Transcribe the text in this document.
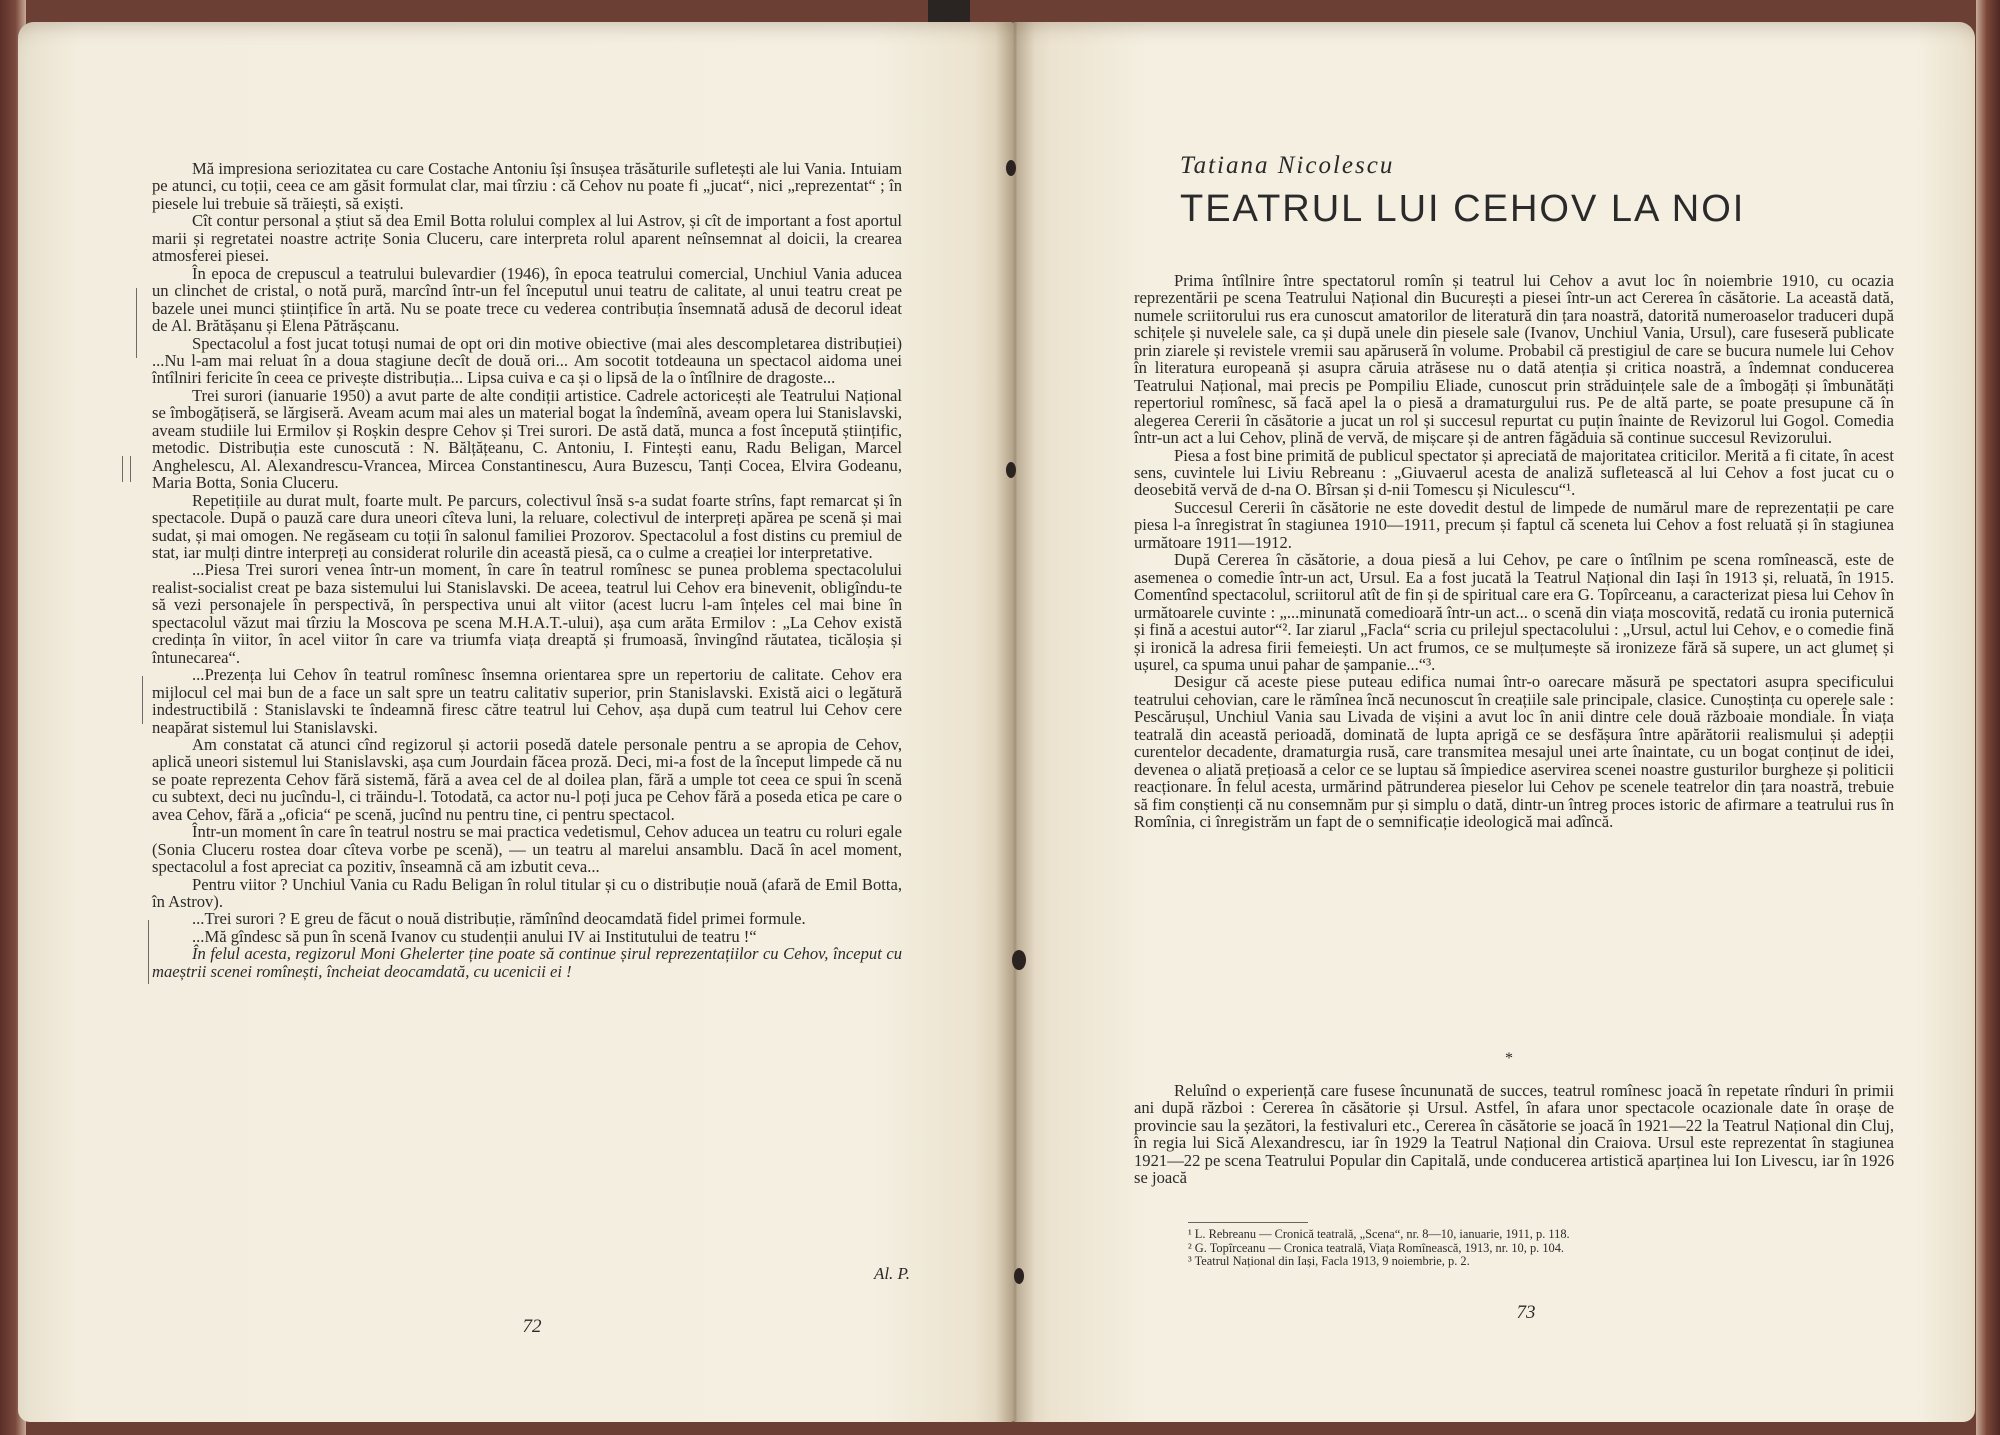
Mă impresiona seriozitatea cu care Costache Antoniu își însușea trăsăturile sufletești ale lui Vania. Intuiam pe atunci, cu toții, ceea ce am găsit formulat clar, mai tîrziu : că Cehov nu poate fi „jucat“, nici „reprezentat“ ; în piesele lui trebuie să trăiești, să exiști.

Cît contur personal a știut să dea Emil Botta rolului complex al lui Astrov, și cît de important a fost aportul marii și regretatei noastre actrițe Sonia Cluceru, care interpreta rolul aparent neînsemnat al doicii, la crearea atmosferei piesei.

În epoca de crepuscul a teatrului bulevardier (1946), în epoca teatrului comercial, Unchiul Vania aducea un clinchet de cristal, o notă pură, marcînd într-un fel începutul unui teatru de calitate, al unui teatru creat pe bazele unei munci științifice în artă. Nu se poate trece cu vederea contribuția însemnată adusă de decorul ideat de Al. Brătășanu și Elena Pătrășcanu.

Spectacolul a fost jucat totuși numai de opt ori din motive obiective (mai ales descompletarea distribuției) ...Nu l-am mai reluat în a doua stagiune decît de două ori... Am socotit totdeauna un spectacol aidoma unei întîlniri fericite în ceea ce privește distribuția... Lipsa cuiva e ca și o lipsă de la o întîlnire de dragoste...

Trei surori (ianuarie 1950) a avut parte de alte condiții artistice. Cadrele actoricești ale Teatrului Național se îmbogățiseră, se lărgiseră. Aveam acum mai ales un material bogat la îndemînă, aveam opera lui Stanislavski, aveam studiile lui Ermilov și Roșkin despre Cehov și Trei surori. De astă dată, munca a fost începută științific, metodic. Distribuția este cunoscută : N. Bălțățeanu, C. Antoniu, I. Fintești eanu, Radu Beligan, Marcel Anghelescu, Al. Alexandrescu-Vrancea, Mircea Constantinescu, Aura Buzescu, Tanți Cocea, Elvira Godeanu, Maria Botta, Sonia Cluceru.

Repetițiile au durat mult, foarte mult. Pe parcurs, colectivul însă s-a sudat foarte strîns, fapt remarcat și în spectacole. După o pauză care dura uneori cîteva luni, la reluare, colectivul de interpreți apărea pe scenă și mai sudat, și mai omogen. Ne regăseam cu toții în salonul familiei Prozorov. Spectacolul a fost distins cu premiul de stat, iar mulți dintre interpreți au considerat rolurile din această piesă, ca o culme a creației lor interpretative.

...Piesa Trei surori venea într-un moment, în care în teatrul romînesc se punea problema spectacolului realist-socialist creat pe baza sistemului lui Stanislavski. De aceea, teatrul lui Cehov era binevenit, obligîndu-te să vezi personajele în perspectivă, în perspectiva unui alt viitor (acest lucru l-am înțeles cel mai bine în spectacolul văzut mai tîrziu la Moscova pe scena M.H.A.T.-ului), așa cum arăta Ermilov : „La Cehov există credința în viitor, în acel viitor în care va triumfa viața dreaptă și frumoasă, învingînd răutatea, ticăloșia și întunecarea“.

...Prezența lui Cehov în teatrul romînesc însemna orientarea spre un repertoriu de calitate. Cehov era mijlocul cel mai bun de a face un salt spre un teatru calitativ superior, prin Stanislavski. Există aici o legătură indestructibilă : Stanislavski te îndeamnă firesc către teatrul lui Cehov, așa după cum teatrul lui Cehov cere neapărat sistemul lui Stanislavski.

Am constatat că atunci cînd regizorul și actorii posedă datele personale pentru a se apropia de Cehov, aplică uneori sistemul lui Stanislavski, așa cum Jourdain făcea proză. Deci, mi-a fost de la început limpede că nu se poate reprezenta Cehov fără sistemă, fără a avea cel de al doilea plan, fără a umple tot ceea ce spui în scenă cu subtext, deci nu jucîndu-l, ci trăindu-l. Totodată, ca actor nu-l poți juca pe Cehov fără a poseda etica pe care o avea Cehov, fără a „oficia“ pe scenă, jucînd nu pentru tine, ci pentru spectacol.

Într-un moment în care în teatrul nostru se mai practica vedetismul, Cehov aducea un teatru cu roluri egale (Sonia Cluceru rostea doar cîteva vorbe pe scenă), — un teatru al marelui ansamblu. Dacă în acel moment, spectacolul a fost apreciat ca pozitiv, înseamnă că am izbutit ceva...

Pentru viitor ? Unchiul Vania cu Radu Beligan în rolul titular și cu o distribuție nouă (afară de Emil Botta, în Astrov).

...Trei surori ? E greu de făcut o nouă distribuție, rămînînd deocamdată fidel primei formule.

...Mă gîndesc să pun în scenă Ivanov cu studenții anului IV ai Institutului de teatru !“

În felul acesta, regizorul Moni Ghelerter ține poate să continue șirul reprezentațiilor cu Cehov, început cu maeștrii scenei romînești, încheiat deocamdată, cu ucenicii ei !

Al. P.
72
Tatiana Nicolescu
TEATRUL LUI CEHOV LA NOI

Prima întîlnire între spectatorul romîn și teatrul lui Cehov a avut loc în noiembrie 1910, cu ocazia reprezentării pe scena Teatrului Național din București a piesei într-un act Cererea în căsătorie. La această dată, numele scriitorului rus era cunoscut amatorilor de literatură din țara noastră, datorită numeroaselor traduceri după schițele și nuvelele sale, ca și după unele din piesele sale (Ivanov, Unchiul Vania, Ursul), care fuseseră publicate prin ziarele și revistele vremii sau apăruseră în volume. Probabil că prestigiul de care se bucura numele lui Cehov în literatura europeană și asupra căruia atrăsese nu o dată atenția și critica noastră, a îndemnat conducerea Teatrului Național, mai precis pe Pompiliu Eliade, cunoscut prin străduințele sale de a îmbogăți și îmbunătăți repertoriul romînesc, să facă apel la o piesă a dramaturgului rus. Pe de altă parte, se poate presupune că în alegerea Cererii în căsătorie a jucat un rol și succesul repurtat cu puțin înainte de Revizorul lui Gogol. Comedia într-un act a lui Cehov, plină de vervă, de mișcare și de antren făgăduia să continue succesul Revizorului.

Piesa a fost bine primită de publicul spectator și apreciată de majoritatea criticilor. Merită a fi citate, în acest sens, cuvintele lui Liviu Rebreanu : „Giuvaerul acesta de analiză sufletească al lui Cehov a fost jucat cu o deosebită vervă de d-na O. Bîrsan și d-nii Tomescu și Niculescu“¹.

Succesul Cererii în căsătorie ne este dovedit destul de limpede de numărul mare de reprezentații pe care piesa l-a înregistrat în stagiunea 1910—1911, precum și faptul că sceneta lui Cehov a fost reluată și în stagiunea următoare 1911—1912.

După Cererea în căsătorie, a doua piesă a lui Cehov, pe care o întîlnim pe scena romînească, este de asemenea o comedie într-un act, Ursul. Ea a fost jucată la Teatrul Național din Iași în 1913 și, reluată, în 1915. Comentînd spectacolul, scriitorul atît de fin și de spiritual care era G. Topîrceanu, a caracterizat piesa lui Cehov în următoarele cuvinte : „...minunată comedioară într-un act... o scenă din viața moscovită, redată cu ironia puternică și fină a acestui autor“². Iar ziarul „Facla“ scria cu prilejul spectacolului : „Ursul, actul lui Cehov, e o comedie fină și ironică la adresa firii femeiești. Un act frumos, ce se mulțumește să ironizeze fără să supere, un act glumeț și ușurel, ca spuma unui pahar de șampanie...“³.

Desigur că aceste piese puteau edifica numai într-o oarecare măsură pe spectatori asupra specificului teatrului cehovian, care le rămînea încă necunoscut în creațiile sale principale, clasice. Cunoștința cu operele sale : Pescărușul, Unchiul Vania sau Livada de vișini a avut loc în anii dintre cele două războaie mondiale. În viața teatrală din această perioadă, dominată de lupta aprigă ce se desfășura între apărătorii realismului și adepții curentelor decadente, dramaturgia rusă, care transmitea mesajul unei arte înaintate, cu un bogat conținut de idei, devenea o aliată prețioasă a celor ce se luptau să împiedice aservirea scenei noastre gusturilor burgheze și politicii reacționare. În felul acesta, urmărind pătrunderea pieselor lui Cehov pe scenele teatrelor din țara noastră, trebuie să fim conștienți că nu consemnăm pur și simplu o dată, dintr-un întreg proces istoric de afirmare a teatrului rus în Romînia, ci înregistrăm un fapt de o semnificație ideologică mai adîncă.

*

Reluînd o experiență care fusese încununată de succes, teatrul romînesc joacă în repetate rînduri în primii ani după război : Cererea în căsătorie și Ursul. Astfel, în afara unor spectacole ocazionale date în orașe de provincie sau la șezători, la festivaluri etc., Cererea în căsătorie se joacă în 1921—22 la Teatrul Național din Cluj, în regia lui Sică Alexandrescu, iar în 1929 la Teatrul Național din Craiova. Ursul este reprezentat în stagiunea 1921—22 pe scena Teatrului Popular din Capitală, unde conducerea artistică aparținea lui Ion Livescu, iar în 1926 se joacă

¹ L. Rebreanu — Cronică teatrală, „Scena“, nr. 8—10, ianuarie, 1911, p. 118.
² G. Topîrceanu — Cronica teatrală, Viața Romînească, 1913, nr. 10, p. 104.
³ Teatrul Național din Iași, Facla 1913, 9 noiembrie, p. 2.
73
